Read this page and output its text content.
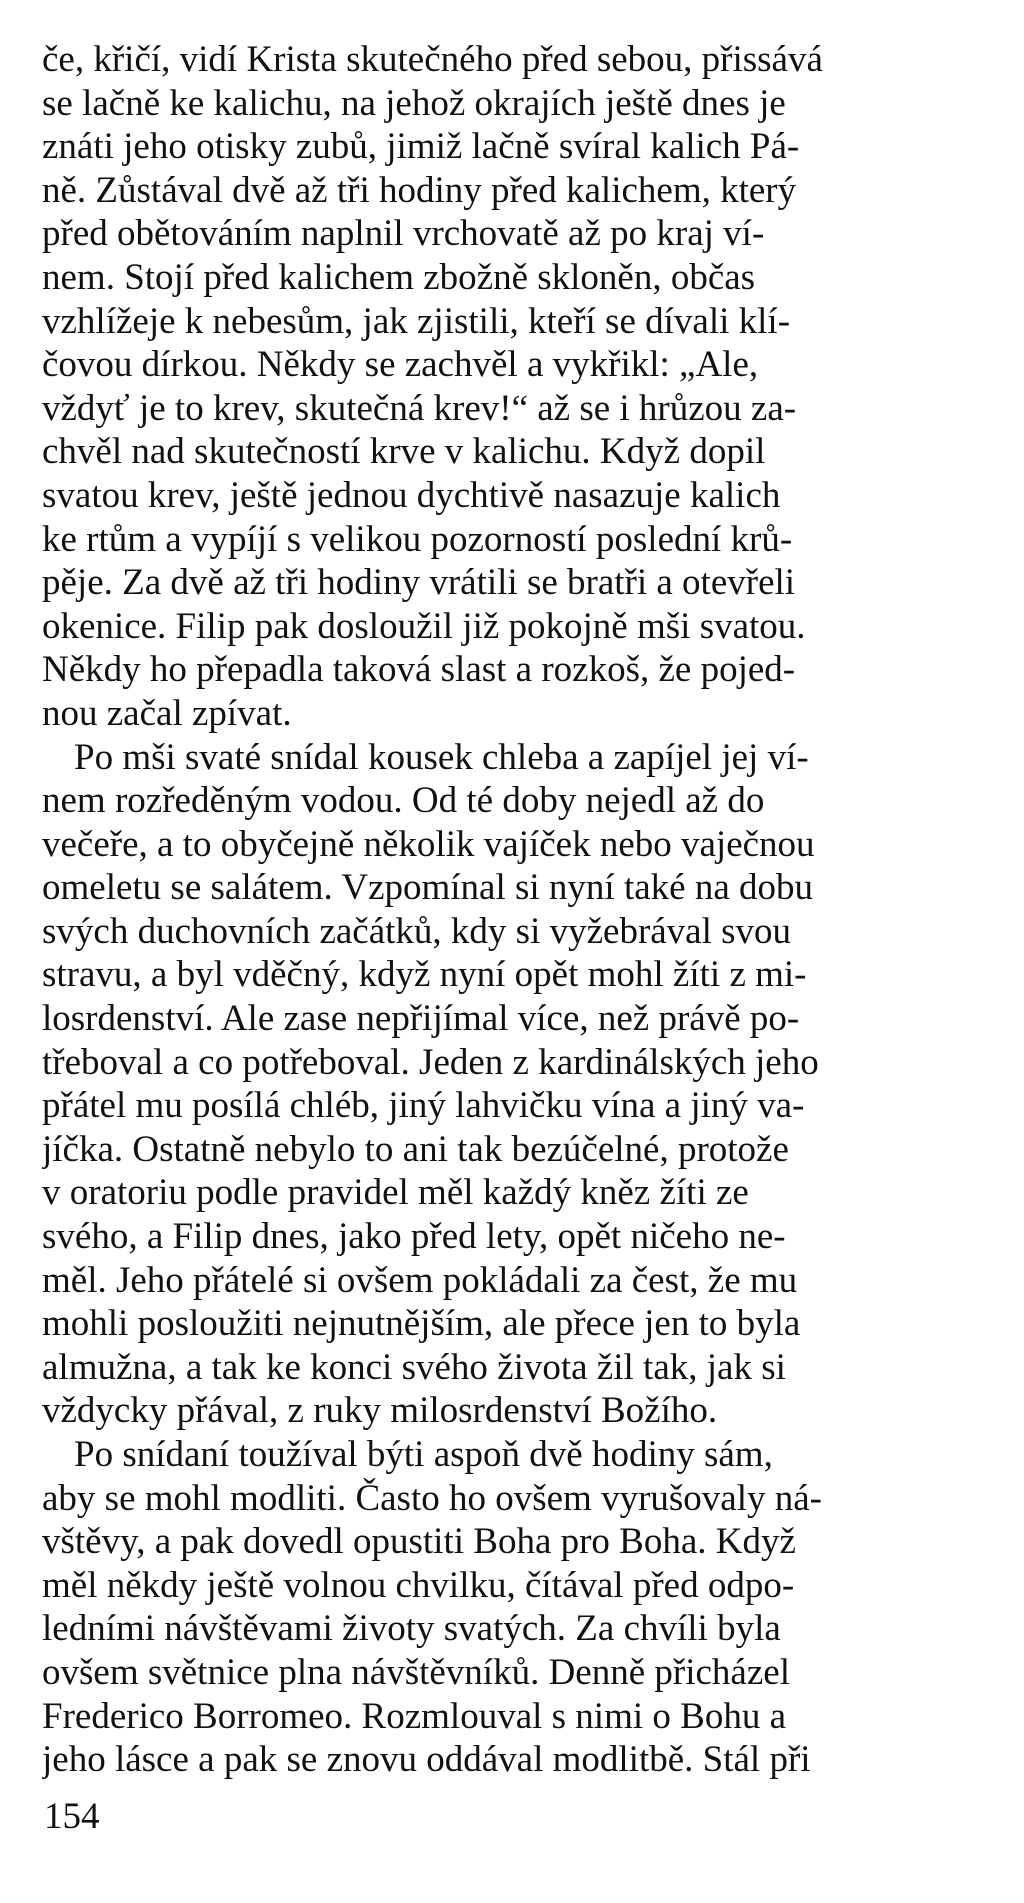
če, křičí, vidí Krista skutečného před sebou, přissává
se lačně ke kalichu, na jehož okrajích ještě dnes je
znáti jeho otisky zubů, jimiž lačně svíral kalich Pá-
ně. Zůstával dvě až tři hodiny před kalichem, který
před obětováním naplnil vrchovatě až po kraj ví-
nem. Stojí před kalichem zbožně skloněn, občas
vzhlížeje k nebesům, jak zjistili, kteří se dívali klí-
čovou dírkou. Někdy se zachvěl a vykřikl: „Ale,
vždyť je to krev, skutečná krev!“ až se i hrůzou za-
chvěl nad skutečností krve v kalichu. Když dopil
svatou krev, ještě jednou dychtivě nasazuje kalich
ke rtům a vypíjí s velikou pozorností poslední krů-
pěje. Za dvě až tři hodiny vrátili se bratři a otevřeli
okenice. Filip pak dosloužil již pokojně mši svatou.
Někdy ho přepadla taková slast a rozkoš, že pojed-
nou začal zpívat.
Po mši svaté snídal kousek chleba a zapíjel jej ví-
nem rozředěným vodou. Od té doby nejedl až do
večeře, a to obyčejně několik vajíček nebo vaječnou
omeletu se salátem. Vzpomínal si nyní také na dobu
svých duchovních začátků, kdy si vyžebrával svou
stravu, a byl vděčný, když nyní opět mohl žíti z mi-
losrdenství. Ale zase nepřijímal více, než právě po-
třeboval a co potřeboval. Jeden z kardinálských jeho
přátel mu posílá chléb, jiný lahvičku vína a jiný va-
jíčka. Ostatně nebylo to ani tak bezúčelné, protože
v oratoriu podle pravidel měl každý kněz žíti ze
svého, a Filip dnes, jako před lety, opět ničeho ne-
měl. Jeho přátelé si ovšem pokládali za čest, že mu
mohli posloužiti nejnutnějším, ale přece jen to byla
almužna, a tak ke konci svého života žil tak, jak si
vždycky přával, z ruky milosrdenství Božího.
Po snídaní toužíval býti aspoň dvě hodiny sám,
aby se mohl modliti. Často ho ovšem vyrušovaly ná-
vštěvy, a pak dovedl opustiti Boha pro Boha. Když
měl někdy ještě volnou chvilku, čítával před odpo-
ledními návštěvami životy svatých. Za chvíli byla
ovšem světnice plna návštěvníků. Denně přicházel
Frederico Borromeo. Rozmlouval s nimi o Bohu a
jeho lásce a pak se znovu oddával modlitbě. Stál při
154
